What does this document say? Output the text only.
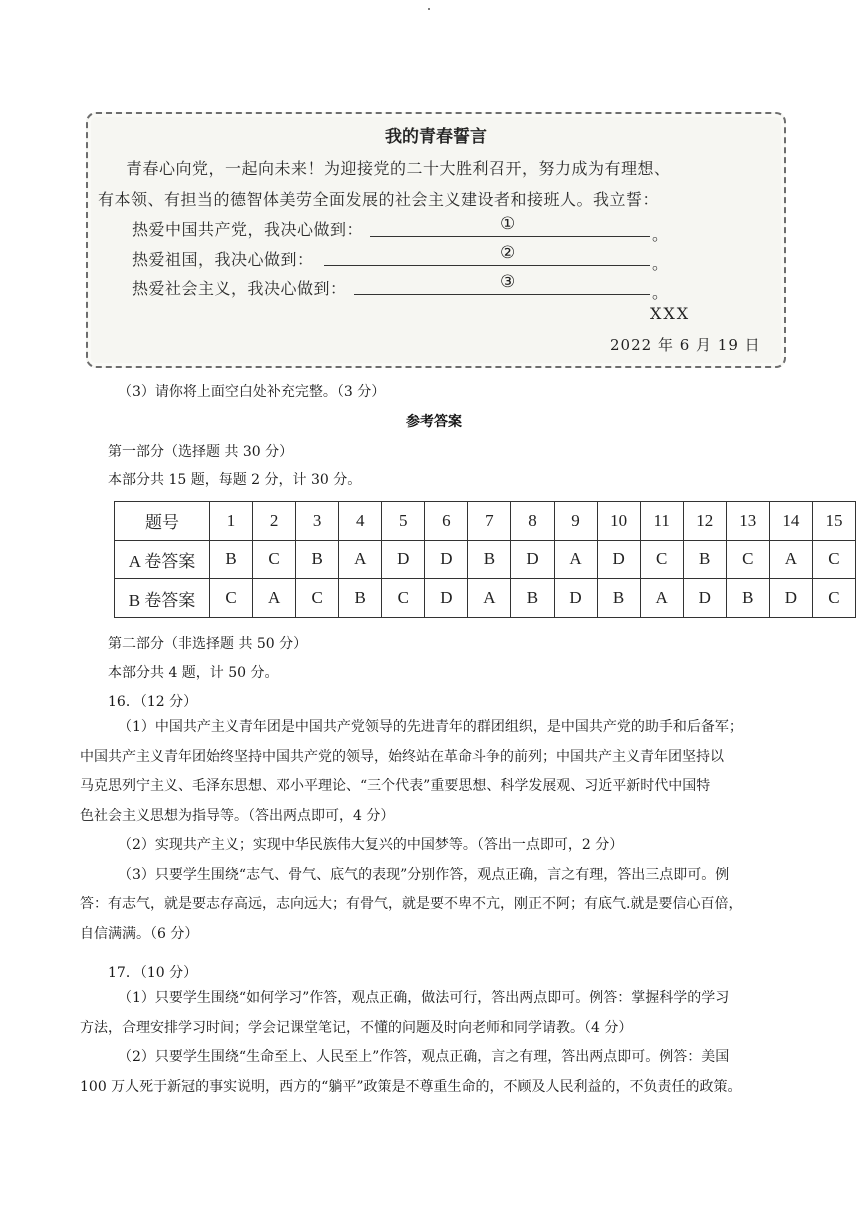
我的青春誓言
青春心向党，一起向未来！为迎接党的二十大胜利召开，努力成为有理想、
有本领、有担当的德智体美劳全面发展的社会主义建设者和接班人。我立誓：
热爱中国共产党，我决心做到：	①
。
热爱祖国，我决心做到：	②
。
热爱社会主义，我决心做到：	③
。
XXX
2022 年 6 月 19 日
（3）请你将上面空白处补充完整。（3 分）
参考答案
第一部分（选择题 共 30 分）
本部分共 15 题，每题 2 分，计 30 分。
题号	1	2	3	4	5	6	7	8	9	10	11	12	13	14	15
A 卷答案	B	C	B	A	D	D	B	D	A	D	C	B	C	A	C
B 卷答案	C	A	C	B	C	D	A	B	D	B	A	D	B	D	C
第二部分（非选择题 共 50 分）
本部分共 4 题，计 50 分。
16．（12 分）
（1）中国共产主义青年团是中国共产党领导的先进青年的群团组织，是中国共产党的助手和后备军；
中国共产主义青年团始终坚持中国共产党的领导，始终站在革命斗争的前列；中国共产主义青年团坚持以
马克思列宁主义、毛泽东思想、邓小平理论、“三个代表”重要思想、科学发展观、习近平新时代中国特
色社会主义思想为指导等。（答出两点即可，4 分）
（2）实现共产主义；实现中华民族伟大复兴的中国梦等。（答出一点即可，2 分）
（3）只要学生围绕“志气、骨气、底气的表现”分别作答，观点正确，言之有理，答出三点即可。例
答：有志气，就是要志存高远，志向远大；有骨气，就是要不卑不亢，刚正不阿；有底气.就是要信心百倍，
自信满满。（6 分）
17．（10 分）
（1）只要学生围绕“如何学习”作答，观点正确，做法可行，答出两点即可。例答：掌握科学的学习
方法，合理安排学习时间；学会记课堂笔记，不懂的问题及时向老师和同学请教。（4 分）
（2）只要学生围绕“生命至上、人民至上”作答，观点正确，言之有理，答出两点即可。例答：美国
100 万人死于新冠的事实说明，西方的“躺平”政策是不尊重生命的，不顾及人民利益的，不负责任的政策。
